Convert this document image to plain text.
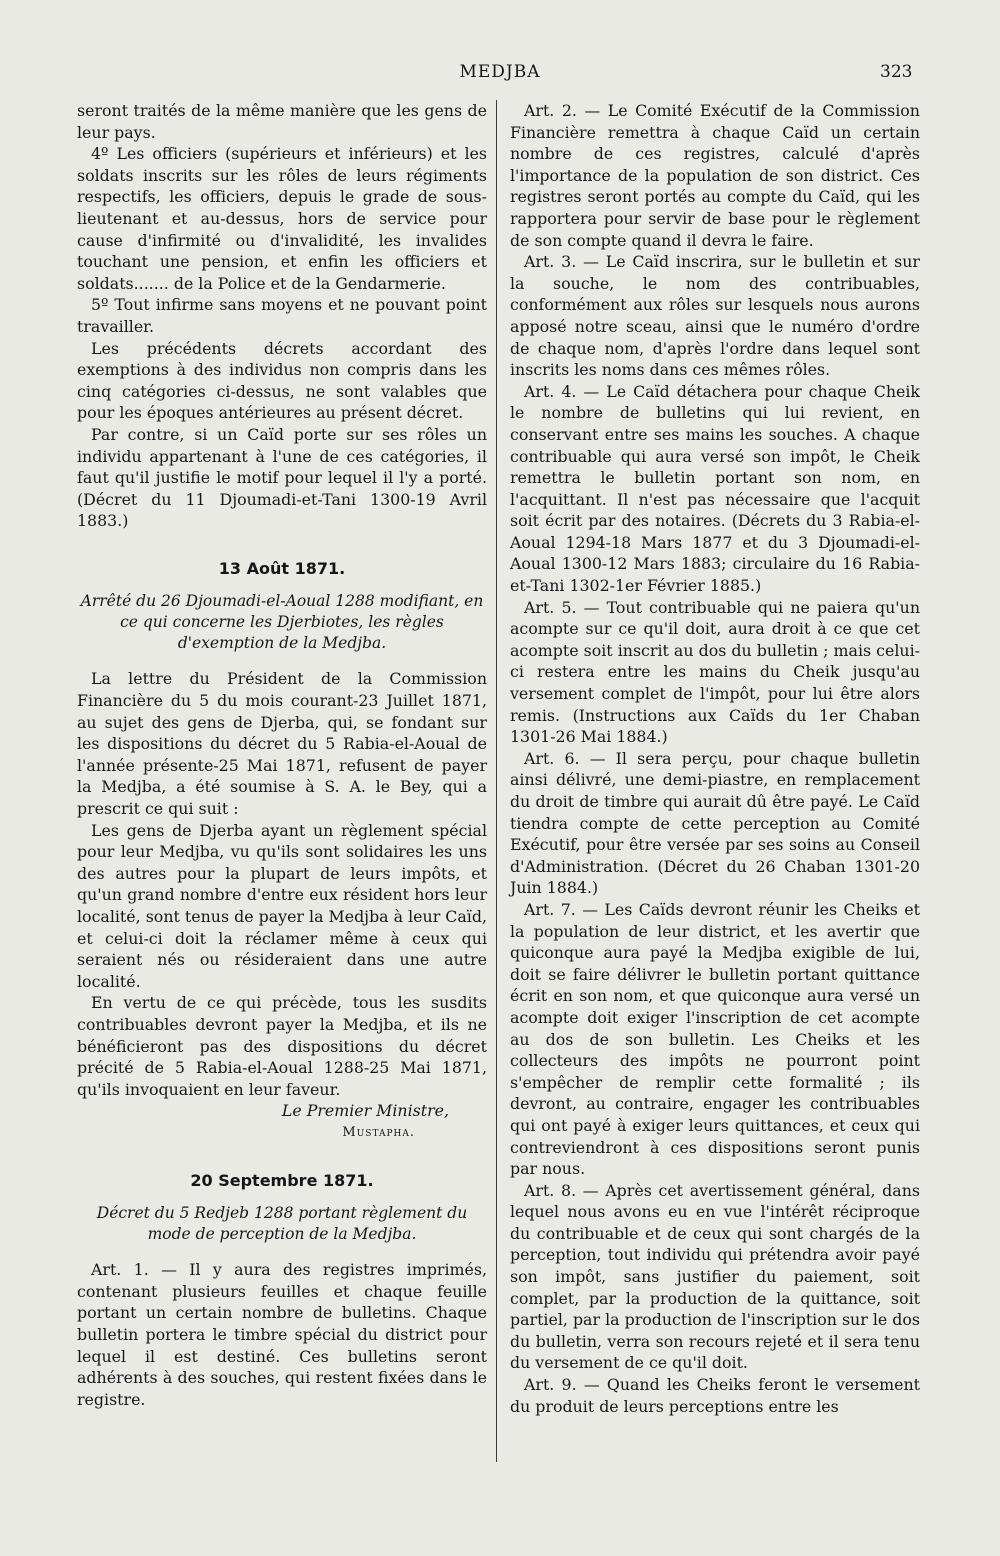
MEDJBA	323

seront traités de la même manière que les gens de leur pays.

4º Les officiers (supérieurs et inférieurs) et les soldats inscrits sur les rôles de leurs régiments respectifs, les officiers, depuis le grade de sous-lieutenant et au-dessus, hors de service pour cause d'infirmité ou d'invalidité, les invalides touchant une pension, et enfin les officiers et soldats....... de la Police et de la Gendarmerie.

5º Tout infirme sans moyens et ne pouvant point travailler.

Les précédents décrets accordant des exemptions à des individus non compris dans les cinq catégories ci-dessus, ne sont valables que pour les époques antérieures au présent décret.

Par contre, si un Caïd porte sur ses rôles un individu appartenant à l'une de ces catégories, il faut qu'il justifie le motif pour lequel il l'y a porté. (Décret du 11 Djoumadi-et-Tani 1300-19 Avril 1883.)

13 Août 1871.
Arrêté du 26 Djoumadi-el-Aoual 1288 modifiant, en ce qui concerne les Djerbiotes, les règles d'exemption de la Medjba.

La lettre du Président de la Commission Financière du 5 du mois courant-23 Juillet 1871, au sujet des gens de Djerba, qui, se fondant sur les dispositions du décret du 5 Rabia-el-Aoual de l'année présente-25 Mai 1871, refusent de payer la Medjba, a été soumise à S. A. le Bey, qui a prescrit ce qui suit :

Les gens de Djerba ayant un règlement spécial pour leur Medjba, vu qu'ils sont solidaires les uns des autres pour la plupart de leurs impôts, et qu'un grand nombre d'entre eux résident hors leur localité, sont tenus de payer la Medjba à leur Caïd, et celui-ci doit la réclamer même à ceux qui seraient nés ou résideraient dans une autre localité.

En vertu de ce qui précède, tous les susdits contribuables devront payer la Medjba, et ils ne bénéficieront pas des dispositions du décret précité de 5 Rabia-el-Aoual 1288-25 Mai 1871, qu'ils invoquaient en leur faveur.

Le Premier Ministre,

Mustapha.

20 Septembre 1871.
Décret du 5 Redjeb 1288 portant règlement du mode de perception de la Medjba.

Art. 1. — Il y aura des registres imprimés, contenant plusieurs feuilles et chaque feuille portant un certain nombre de bulletins. Chaque bulletin portera le timbre spécial du district pour lequel il est destiné. Ces bulletins seront adhérents à des souches, qui restent fixées dans le registre.

Art. 2. — Le Comité Exécutif de la Commission Financière remettra à chaque Caïd un certain nombre de ces registres, calculé d'après l'importance de la population de son district. Ces registres seront portés au compte du Caïd, qui les rapportera pour servir de base pour le règlement de son compte quand il devra le faire.

Art. 3. — Le Caïd inscrira, sur le bulletin et sur la souche, le nom des contribuables, conformément aux rôles sur lesquels nous aurons apposé notre sceau, ainsi que le numéro d'ordre de chaque nom, d'après l'ordre dans lequel sont inscrits les noms dans ces mêmes rôles.

Art. 4. — Le Caïd détachera pour chaque Cheik le nombre de bulletins qui lui revient, en conservant entre ses mains les souches. A chaque contribuable qui aura versé son impôt, le Cheik remettra le bulletin portant son nom, en l'acquittant. Il n'est pas nécessaire que l'acquit soit écrit par des notaires. (Décrets du 3 Rabia-el-Aoual 1294-18 Mars 1877 et du 3 Djoumadi-el-Aoual 1300-12 Mars 1883; circulaire du 16 Rabia-et-Tani 1302-1er Février 1885.)

Art. 5. — Tout contribuable qui ne paiera qu'un acompte sur ce qu'il doit, aura droit à ce que cet acompte soit inscrit au dos du bulletin ; mais celui-ci restera entre les mains du Cheik jusqu'au versement complet de l'impôt, pour lui être alors remis. (Instructions aux Caïds du 1er Chaban 1301-26 Mai 1884.)

Art. 6. — Il sera perçu, pour chaque bulletin ainsi délivré, une demi-piastre, en remplacement du droit de timbre qui aurait dû être payé. Le Caïd tiendra compte de cette perception au Comité Exécutif, pour être versée par ses soins au Conseil d'Administration. (Décret du 26 Chaban 1301-20 Juin 1884.)

Art. 7. — Les Caïds devront réunir les Cheiks et la population de leur district, et les avertir que quiconque aura payé la Medjba exigible de lui, doit se faire délivrer le bulletin portant quittance écrit en son nom, et que quiconque aura versé un acompte doit exiger l'inscription de cet acompte au dos de son bulletin. Les Cheiks et les collecteurs des impôts ne pourront point s'empêcher de remplir cette formalité ; ils devront, au contraire, engager les contribuables qui ont payé à exiger leurs quittances, et ceux qui contreviendront à ces dispositions seront punis par nous.

Art. 8. — Après cet avertissement général, dans lequel nous avons eu en vue l'intérêt réciproque du contribuable et de ceux qui sont chargés de la perception, tout individu qui prétendra avoir payé son impôt, sans justifier du paiement, soit complet, par la production de la quittance, soit partiel, par la production de l'inscription sur le dos du bulletin, verra son recours rejeté et il sera tenu du versement de ce qu'il doit.

Art. 9. — Quand les Cheiks feront le versement du produit de leurs perceptions entre les
